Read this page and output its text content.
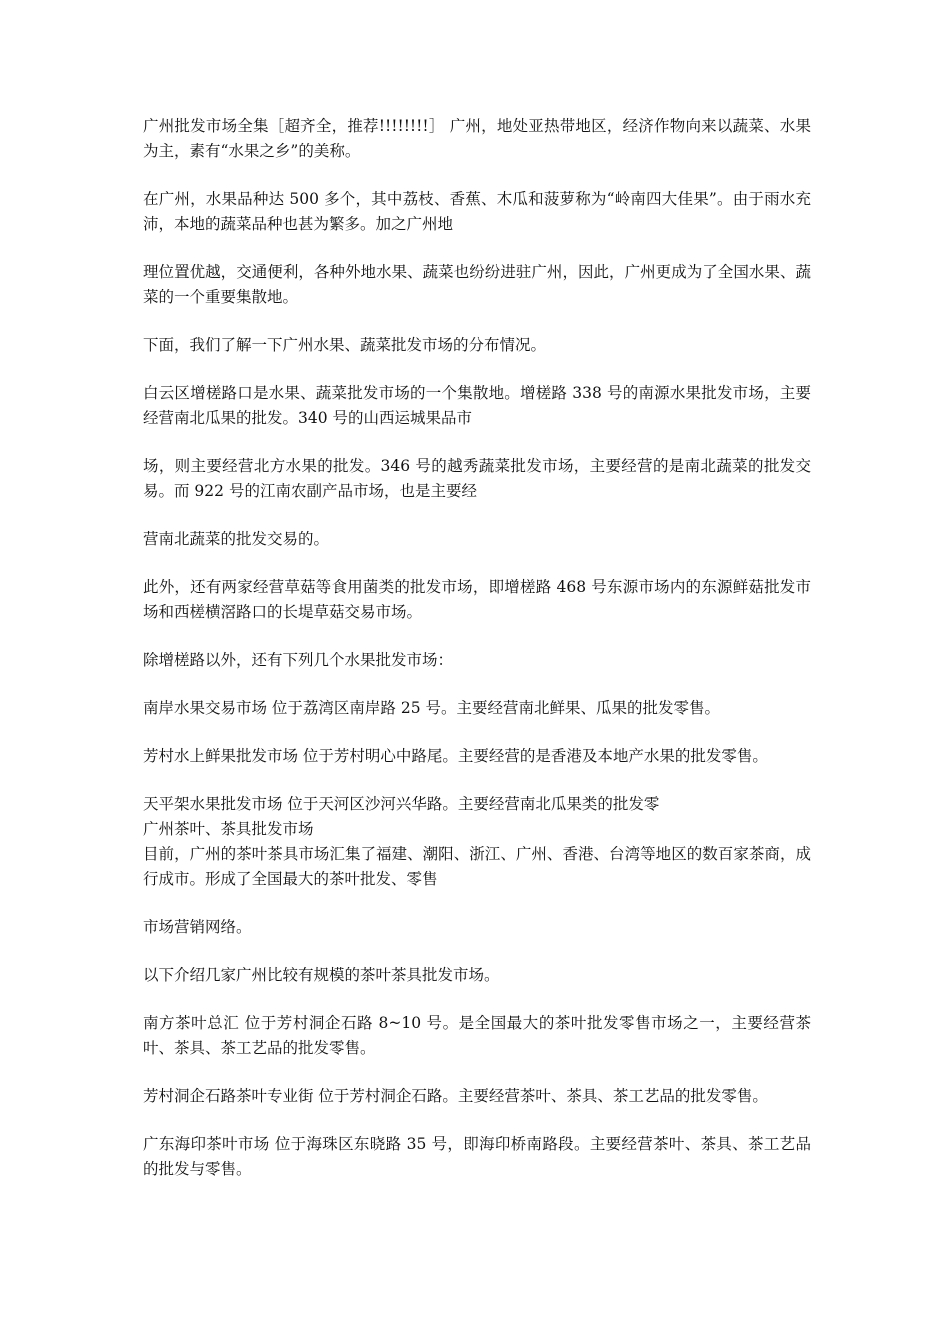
广州批发市场全集［超齐全，推荐!!!!!!!!］ 广州，地处亚热带地区，经济作物向来以蔬菜、水果为主，素有“水果之乡”的美称。

在广州，水果品种达 500 多个，其中荔枝、香蕉、木瓜和菠萝称为“岭南四大佳果”。由于雨水充沛，本地的蔬菜品种也甚为繁多。加之广州地

理位置优越，交通便利，各种外地水果、蔬菜也纷纷进驻广州，因此，广州更成为了全国水果、蔬菜的一个重要集散地。

下面，我们了解一下广州水果、蔬菜批发市场的分布情况。

白云区增槎路口是水果、蔬菜批发市场的一个集散地。增槎路 338 号的南源水果批发市场，主要经营南北瓜果的批发。340 号的山西运城果品市

场，则主要经营北方水果的批发。346 号的越秀蔬菜批发市场，主要经营的是南北蔬菜的批发交易。而 922 号的江南农副产品市场，也是主要经

营南北蔬菜的批发交易的。

此外，还有两家经营草菇等食用菌类的批发市场，即增槎路 468 号东源市场内的东源鲜菇批发市场和西槎横滘路口的长堤草菇交易市场。

除增槎路以外，还有下列几个水果批发市场：

南岸水果交易市场 位于荔湾区南岸路 25 号。主要经营南北鲜果、瓜果的批发零售。

芳村水上鲜果批发市场 位于芳村明心中路尾。主要经营的是香港及本地产水果的批发零售。

天平架水果批发市场 位于天河区沙河兴华路。主要经营南北瓜果类的批发零

广州茶叶、茶具批发市场

目前，广州的茶叶茶具市场汇集了福建、潮阳、浙江、广州、香港、台湾等地区的数百家茶商，成行成市。形成了全国最大的茶叶批发、零售

市场营销网络。

以下介绍几家广州比较有规模的茶叶茶具批发市场。

南方茶叶总汇 位于芳村洞企石路 8~10 号。是全国最大的茶叶批发零售市场之一，主要经营茶叶、茶具、茶工艺品的批发零售。

芳村洞企石路茶叶专业街 位于芳村洞企石路。主要经营茶叶、茶具、茶工艺品的批发零售。

广东海印茶叶市场 位于海珠区东晓路 35 号，即海印桥南路段。主要经营茶叶、茶具、茶工艺品的批发与零售。
